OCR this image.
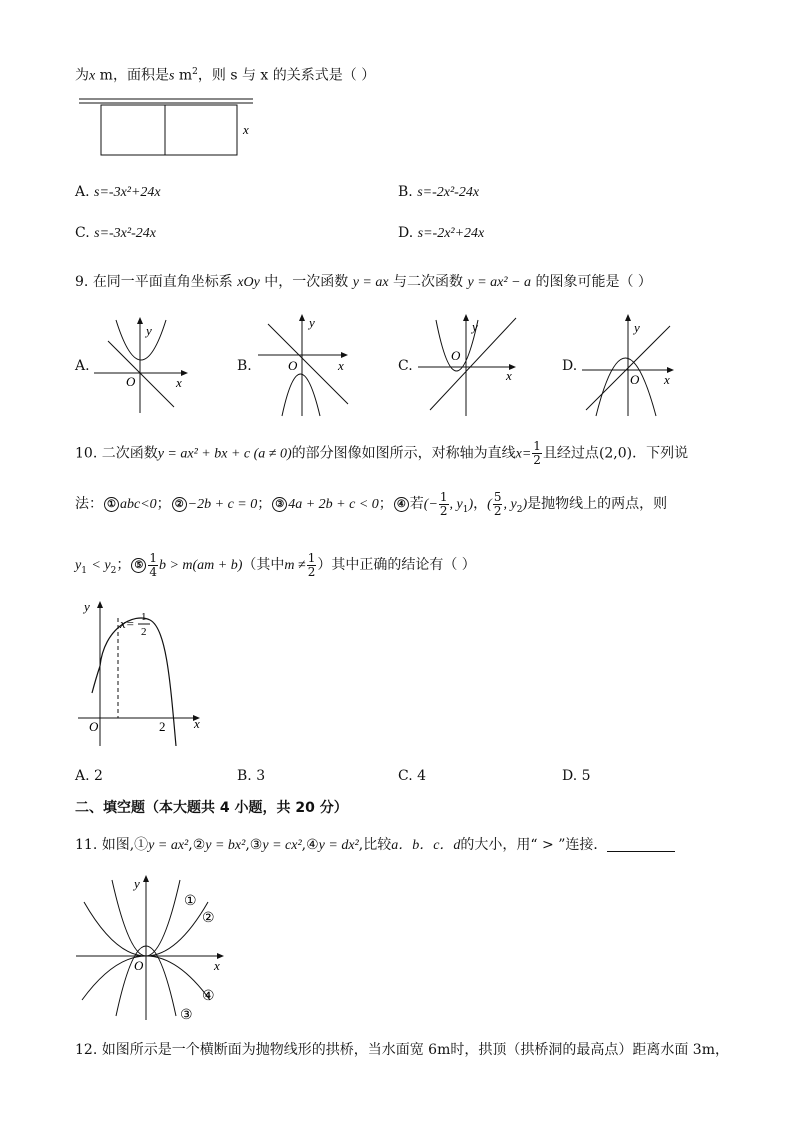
为x m，面积是s $m^2$，则 s 与 x 的关系式是（ ）
x
A. s=-3x²+24x	B. s=-2x²-24x
C. s=-3x²-24x	D. s=-2x²+24x
9. 在同一平面直角坐标系 xOy 中，一次函数 y = ax 与二次函数 y = ax² − a 的图象可能是（ ）
A.
y
x
O
B.
y
x
O	C.
y
x
O
D.
y
x
O
10. 二次函数y = ax² + bx + c (a ≠ 0)的部分图像如图所示，对称轴为直线$x= \frac{1}{2}$ 且经过点(2,0)．下列说
法： ① abc<0； ② −2b + c = 0； ③ 4a + 2b + c < 0； ④ 若(− $\frac{1}{2}$ , $y_1$)，( $\frac{5}{2}$ , $y_2$)是抛物线上的两点，则
$y_1 < y_2$； ⑤ $\frac{1}{4}$ b > m(am + b)（其中$m \ne \frac{1}{2}$ ）其中正确的结论有（ ）
y
x
O	2
x= 1
2
A. 2	B. 3	C. 4	D. 5
二、填空题（本大题共 4 小题，共 20 分）
11. 如图,①y = ax²,②y = bx²,③y = cx²,④y = dx²,比较a．b．c．d的大小，用“ > ”连接．
y
x
O
①
②
③
④
12. 如图所示是一个横断面为抛物线形的拱桥，当水面宽 6m时，拱顶（拱桥洞的最高点）距离水面 3m，
